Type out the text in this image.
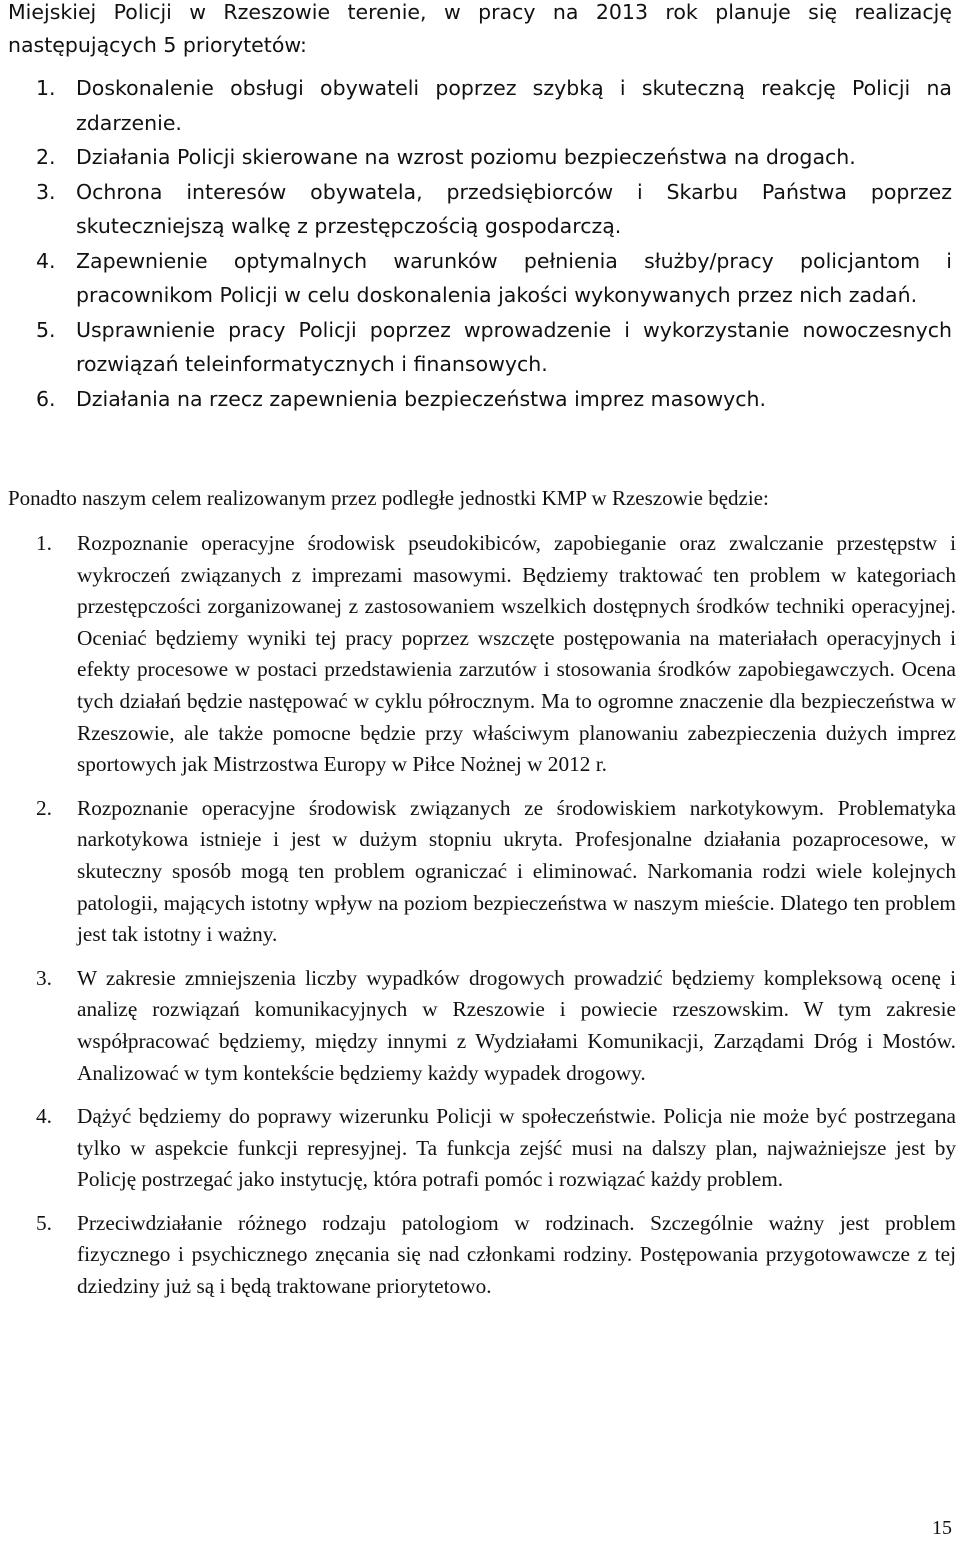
Miejskiej Policji w Rzeszowie terenie, w pracy na 2013 rok planuje się realizację następujących 5 priorytetów:
1. Doskonalenie obsługi obywateli poprzez szybką i skuteczną reakcję Policji na zdarzenie.
2. Działania Policji skierowane na wzrost poziomu bezpieczeństwa na drogach.
3. Ochrona interesów obywatela, przedsiębiorców i Skarbu Państwa poprzez skuteczniejszą walkę z przestępczością gospodarczą.
4. Zapewnienie optymalnych warunków pełnienia służby/pracy policjantom i pracownikom Policji w celu doskonalenia jakości wykonywanych przez nich zadań.
5. Usprawnienie pracy Policji poprzez wprowadzenie i wykorzystanie nowoczesnych rozwiązań teleinformatycznych i finansowych.
6. Działania na rzecz zapewnienia bezpieczeństwa imprez masowych.
Ponadto naszym celem realizowanym przez podległe jednostki KMP w Rzeszowie będzie:
1.	Rozpoznanie operacyjne środowisk pseudokibiców, zapobieganie oraz zwalczanie przestępstw i wykroczeń związanych z imprezami masowymi. Będziemy traktować ten problem w kategoriach przestępczości zorganizowanej z zastosowaniem wszelkich dostępnych środków techniki operacyjnej. Oceniać będziemy wyniki tej pracy poprzez wszczęte postępowania na materiałach operacyjnych i efekty procesowe w postaci przedstawienia zarzutów i stosowania środków zapobiegawczych. Ocena tych działań będzie następować w cyklu półrocznym. Ma to ogromne znaczenie dla bezpieczeństwa w Rzeszowie, ale także pomocne będzie przy właściwym planowaniu zabezpieczenia dużych imprez sportowych jak Mistrzostwa Europy w Piłce Nożnej w 2012 r.
2.	Rozpoznanie operacyjne środowisk związanych ze środowiskiem narkotykowym. Problematyka narkotykowa istnieje i jest w dużym stopniu ukryta. Profesjonalne działania pozaprocesowe, w skuteczny sposób mogą ten problem ograniczać i eliminować. Narkomania rodzi wiele kolejnych patologii, mających istotny wpływ na poziom bezpieczeństwa w naszym mieście. Dlatego ten problem jest tak istotny i ważny.
3.	W zakresie zmniejszenia liczby wypadków drogowych prowadzić będziemy kompleksową ocenę i analizę rozwiązań komunikacyjnych w Rzeszowie i powiecie rzeszowskim. W tym zakresie współpracować będziemy, między innymi z Wydziałami Komunikacji, Zarządami Dróg i Mostów. Analizować w tym kontekście będziemy każdy wypadek drogowy.
4.	Dążyć będziemy do poprawy wizerunku Policji w społeczeństwie. Policja nie może być postrzegana tylko w aspekcie funkcji represyjnej. Ta funkcja zejść musi na dalszy plan, najważniejsze jest by Policję postrzegać jako instytucję, która potrafi pomóc i rozwiązać każdy problem.
5.	Przeciwdziałanie różnego rodzaju patologiom w rodzinach. Szczególnie ważny jest problem fizycznego i psychicznego znęcania się nad członkami rodziny. Postępowania przygotowawcze z tej dziedziny już są i będą traktowane priorytetowo.
15
